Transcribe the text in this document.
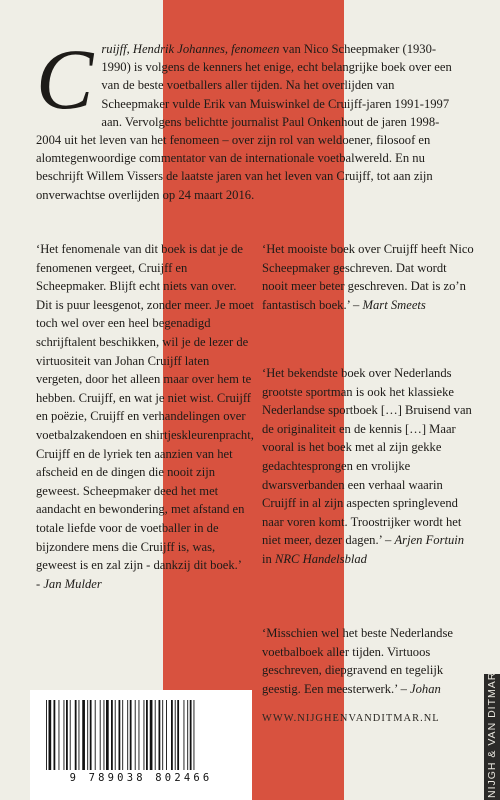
Cruijff, Hendrik Johannes, fenomeen van Nico Scheepmaker (1930-1990) is volgens de kenners het enige, echt belangrijke boek over een van de beste voetballers aller tijden. Na het overlijden van Scheepmaker vulde Erik van Muiswinkel de Cruijff-jaren 1991-1997 aan. Vervolgens belichtte journalist Paul Onkenhout de jaren 1998-2004 uit het leven van het fenomeen – over zijn rol van weldoener, filosoof en alomtegenwoordige commentator van de internationale voetbalwereld. En nu beschrijft Willem Vissers de laatste jaren van het leven van Cruijff, tot aan zijn onverwachtse overlijden op 24 maart 2016.

‘Het fenomenale van dit boek is dat je de fenomenen vergeet, Cruijff en Scheepmaker. Blijft echt niets van over. Dit is puur leesgenot, zonder meer. Je moet toch wel over een heel begenadigd schrijftalent beschikken, wil je de lezer de virtuositeit van Johan Cruijff laten vergeten, door het alleen maar over hem te hebben. Cruijff, en wat je niet wist. Cruijff en poëzie, Cruijff en verhandelingen over voetbalzakendoen en shirtjeskleurenpracht, Cruijff en de lyriek ten aanzien van het afscheid en de dingen die nooit zijn geweest. Scheepmaker deed het met aandacht en bewondering, met afstand en totale liefde voor de voetballer in de bijzondere mens die Cruijff is, was, geweest is en zal zijn - dankzij dit boek.’
- Jan Mulder

‘Het mooiste boek over Cruijff heeft Nico Scheepmaker geschreven. Dat wordt nooit meer beter geschreven. Dat is zo’n fantastisch boek.’ – Mart Smeets

‘Het bekendste boek over Nederlands grootste sportman is ook het klassieke Nederlandse sportboek […] Bruisend van de originaliteit en de kennis […] Maar vooral is het boek met al zijn gekke gedachtesprongen en vrolijke dwarsverbanden een verhaal waarin Cruijff in al zijn aspecten springlevend naar voren komt. Troostrijker wordt het niet meer, dezer dagen.’ – Arjen Fortuin in NRC Handelsblad

‘Misschien wel het beste Nederlandse voetbalboek aller tijden. Virtuoos geschreven, diepgravend en tegelijk geestig. Een meesterwerk.’ – Johan

9 789038 802466
WWW.NIJGHENVANDITMAR.NL	NIJGH & VAN DITMAR
